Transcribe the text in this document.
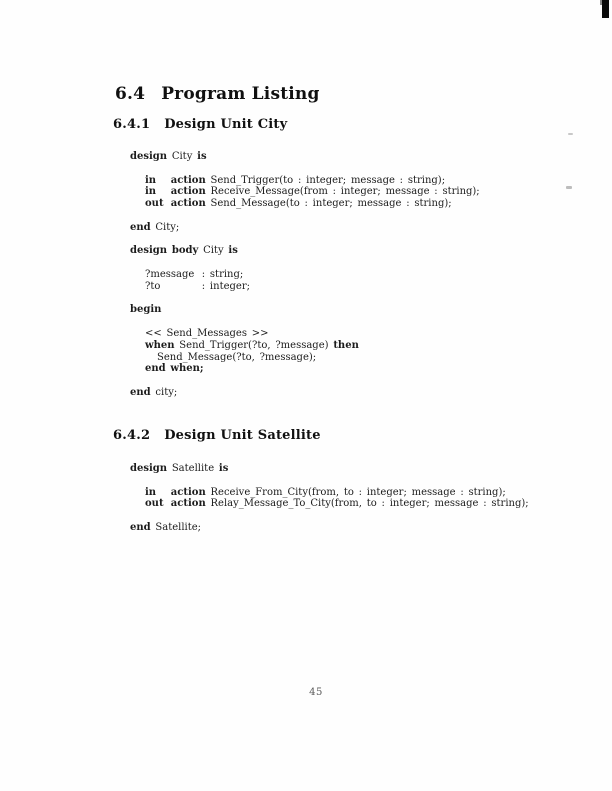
6.4 Program Listing
6.4.1 Design Unit City
design City is

in action Send_Trigger(to : integer; message : string);
in action Receive_Message(from : integer; message : string);
out action Send_Message(to : integer; message : string);

end City;

design body City is

?message : string;
?to	: integer;

begin

<< Send_Messages >>
when Send_Trigger(?to, ?message) then
Send_Message(?to, ?message);
end when;

end city;
6.4.2 Design Unit Satellite
design Satellite is

in action Receive_From_City(from, to : integer; message : string);
out action Relay_Message_To_City(from, to : integer; message : string);

end Satellite;
45
